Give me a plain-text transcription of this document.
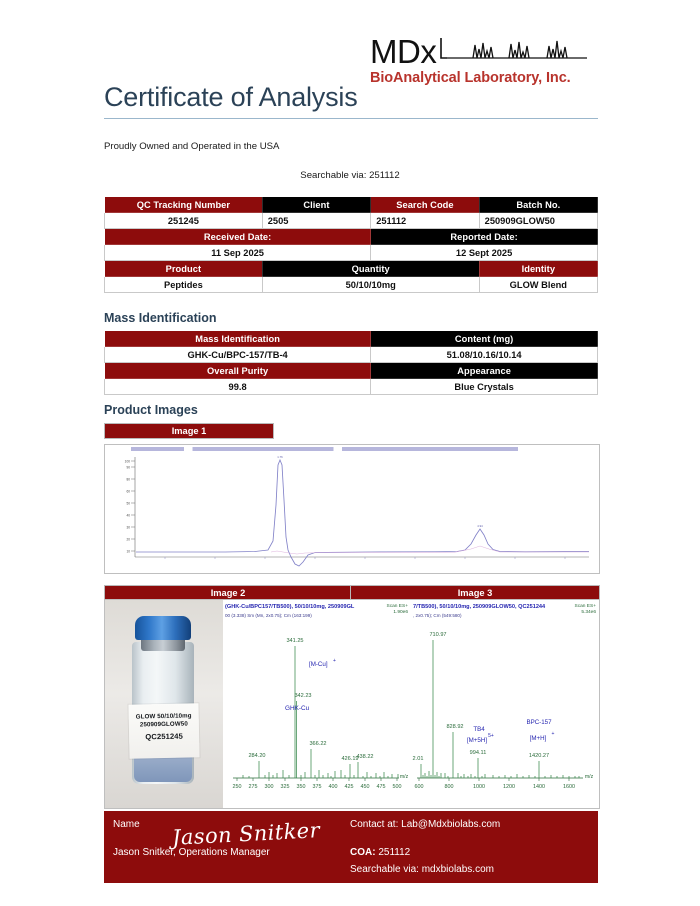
MDx
BioAnalytical Laboratory, Inc.
Certificate of Analysis
Proudly Owned and Operated in the USA
Searchable via: 251112
QC Tracking Number	Client	Search Code	Batch No.
251245	2505	251112	250909GLOW50
Received Date:		Reported Date:	
11 Sep 2025		12 Sept 2025	
Product	Quantity		Identity
Peptides	50/10/10mg		GLOW Blend
Mass Identification
Mass Identification	Content (mg)
GHK-Cu/BPC-157/TB-4	51.08/10.16/10.14
Overall Purity	Appearance
99.8	Blue Crystals
Product Images
Image 1
100
90
80
60
50
40
30
20
10
1.76
4.94
Image 2	Image 3
GLOW 50/10/10mg
250909GLOW50
QC251245
(GHK-Cu/BPC157/TB500), 50/10/10mg, 250909GL
00 (3.338) Sm (Mn, 2x0.75); Cm (163:199)
Scan ES+
1.90e6
250 275 300 325 350 375 400 425 450 475 500
m/z
341.25
342.23
366.22
284.20	426.19
438.22
[M-Cu] +
GHK-Cu
7/TB500), 50/10/10mg, 250909GLOW50, QC251244
, 2x0.75); Cm (549:580)
Scan ES+
5.34e6
600	800	1000	1200	1400	1600
m/z
710.97
828.92
2.01
994.11	1420.27
TB4
[M+5H]
5+
BPC-157
[M+H]
+
Name Jason Snitker
Jason Snitker, Operations Manager
Contact at: Lab@Mdxbiolabs.com
COA: 251112
Searchable via: mdxbiolabs.com
